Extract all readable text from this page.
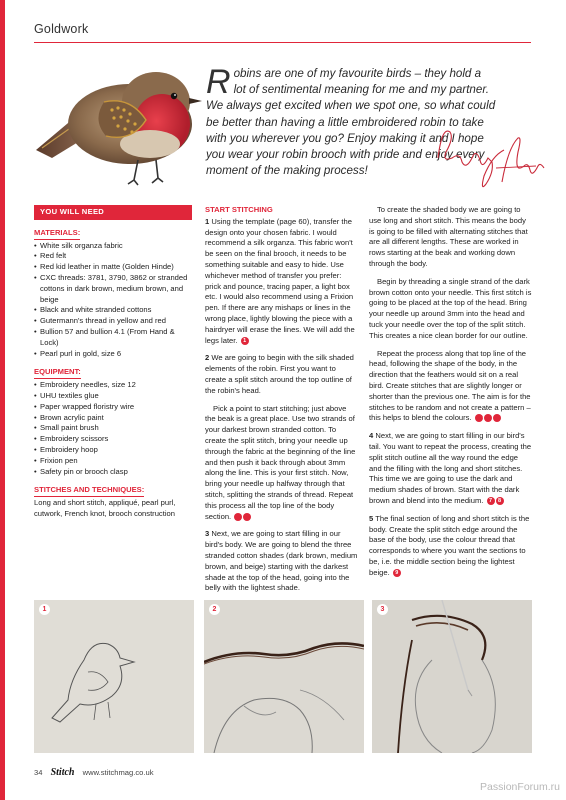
Goldwork
Robins are one of my favourite birds – they hold a lot of sentimental meaning for me and my partner. We always get excited when we spot one, so what could be better than having a little embroidered robin to take with you wherever you go? Enjoy making it and I hope you wear your robin brooch with pride and enjoy every moment of the making process!
YOU WILL NEED
MATERIALS:
• White silk organza fabric
• Red felt
• Red kid leather in matte (Golden Hinde)
• CXC threads: 3781, 3790, 3862 or stranded cottons in dark brown, medium brown, and beige
• Black and white stranded cottons
• Gutermann's thread in yellow and red
• Bullion 57 and bullion 4.1 (From Hand & Lock)
• Pearl purl in gold, size 6
EQUIPMENT:
• Embroidery needles, size 12
• UHU textiles glue
• Paper wrapped floristry wire
• Brown acrylic paint
• Small paint brush
• Embroidery scissors
• Embroidery hoop
• Frixion pen
• Safety pin or brooch clasp
STITCHES AND TECHNIQUES:

Long and short stitch, appliqué, pearl purl, cutwork, French knot, brooch construction

START STITCHING

1 Using the template (page 60), transfer the design onto your chosen fabric. I would recommend a silk organza. This fabric won't be seen on the final brooch, it needs to be something suitable and easy to hide. Use whichever method of transfer you prefer: prick and pounce, tracing paper, a light box etc. I would also recommend using a Frixion pen. If there are any mishaps or lines in the wrong place, lightly blowing the piece with a hairdryer will erase the lines. We will add the legs later. 1

2 We are going to begin with the silk shaded elements of the robin. First you want to create a split stitch around the top outline of the robin's head.

Pick a point to start stitching; just above the beak is a great place. Use two strands of your darkest brown stranded cotton. To create the split stitch, bring your needle up through the fabric at the beginning of the line and then push it back through about 3mm along the line. This is your first stitch. Now, bring your needle up halfway through that stitch, splitting the strands of thread. Repeat this process all the top line of the body section.	3

3 Next, we are going to start filling in our bird's body. We are going to blend the three stranded cotton shades (dark brown, medium brown, and beige) starting with the darkest shade at the top of the head, going into the belly with the lightest shade.

To create the shaded body we are going to use long and short stitch. This means the body is going to be filled with alternating stitches that are all different lengths. These are worked in rows starting at the beak and working down through the body.

Begin by threading a single strand of the dark brown cotton onto your needle. This first stitch is going to be placed at the top of the head. Bring your needle up around 3mm into the head and tuck your needle over the top of the split stitch. This creates a nice clean border for our outline.

Repeat the process along that top line of the head, following the shape of the body, in the direction that the feathers would sit on a real bird. Create stitches that are slightly longer or shorter than the previous one. The aim is for the stitches to be random and not create a pattern – this helps to blend the colours.	6

4 Next, we are going to start filling in our bird's tail. You want to repeat the process, creating the split stitch outline all the way round the edge and the filling with the long and short stitches. This time we are going to use the dark and medium shades of brown. Start with the dark brown and blend into the medium. 7 8

5 The final section of long and short stitch is the body. Create the split stitch edge around the base of the body, use the colour thread that corresponds to where you want the sections to be, i.e. the middle section being the lightest beige. 9

1	2	3
34 Stitch www.stitchmag.co.uk
PassionForum.ru
